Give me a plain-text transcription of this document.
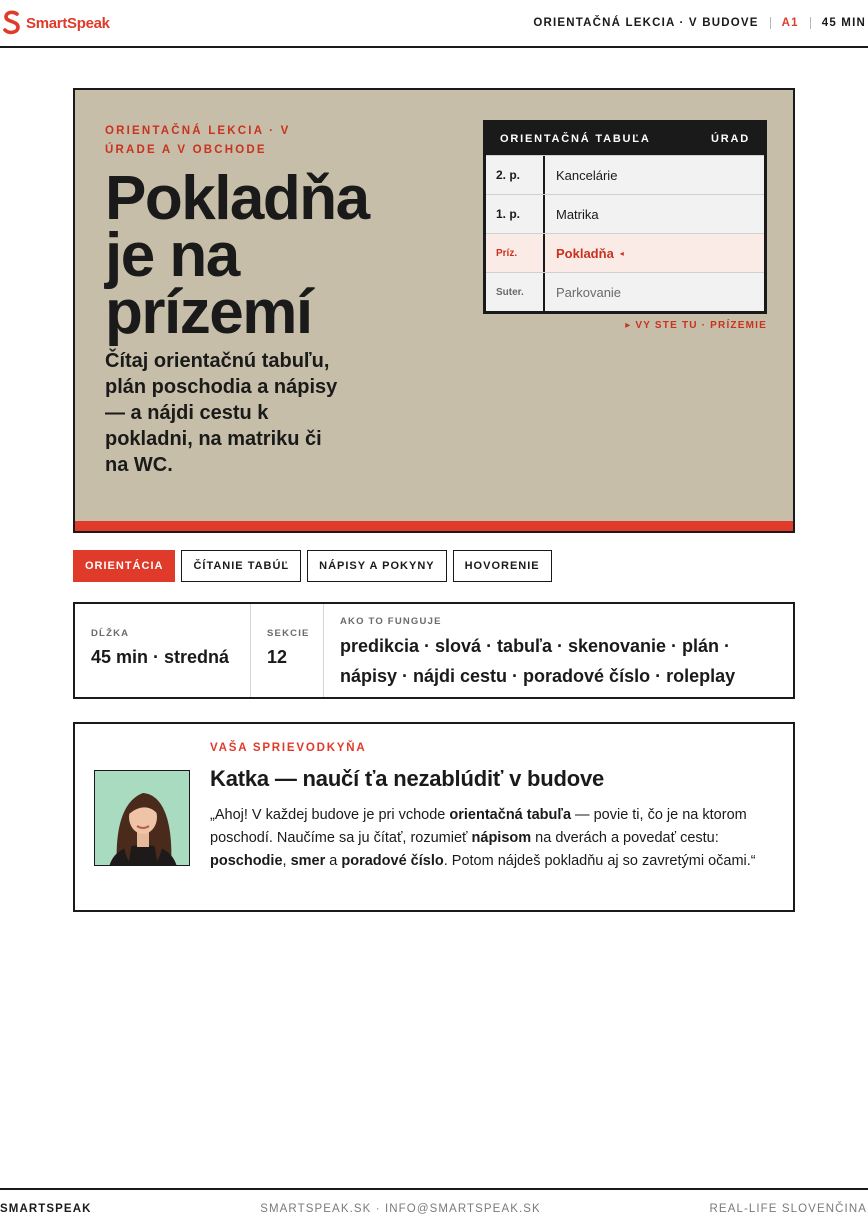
SmartSpeak	ORIENTAČNÁ LEKCIA · V BUDOVE A1 45 MIN
ORIENTAČNÁ LEKCIA · V ÚRADE A V OBCHODE
Pokladňa
je na
prízemí

Čítaj orientačnú tabuľu, plán poschodia a nápisy — a nájdi cestu k pokladni, na matriku či na WC.

ORIENTAČNÁ TABUĽA	ÚRAD
2. p.	Kancelárie
1. p.	Matrika
Príz.	Pokladňa ◂
Suter.	Parkovanie
▸ VY STE TU · PRÍZEMIE
ORIENTÁCIA	ČÍTANIE TABÚĽ	NÁPISY A POKYNY	HOVORENIE
DĹŽKA
45 min · stredná
SEKCIE
12
AKO TO FUNGUJE
predikcia · slová · tabuľa · skenovanie · plán ·
nápisy · nájdi cestu · poradové číslo · roleplay
VAŠA SPRIEVODKYŇA
Katka — naučí ťa nezablúdiť v budove

„Ahoj! V každej budove je pri vchode orientačná tabuľa — povie ti, čo je na ktorom poschodí. Naučíme sa ju čítať, rozumieť nápisom na dverách a povedať cestu: poschodie, smer a poradové číslo. Potom nájdeš pokladňu aj so zavretými očami.“

SMARTSPEAK	SMARTSPEAK.SK · INFO@SMARTSPEAK.SK	REAL-LIFE SLOVENČINA
